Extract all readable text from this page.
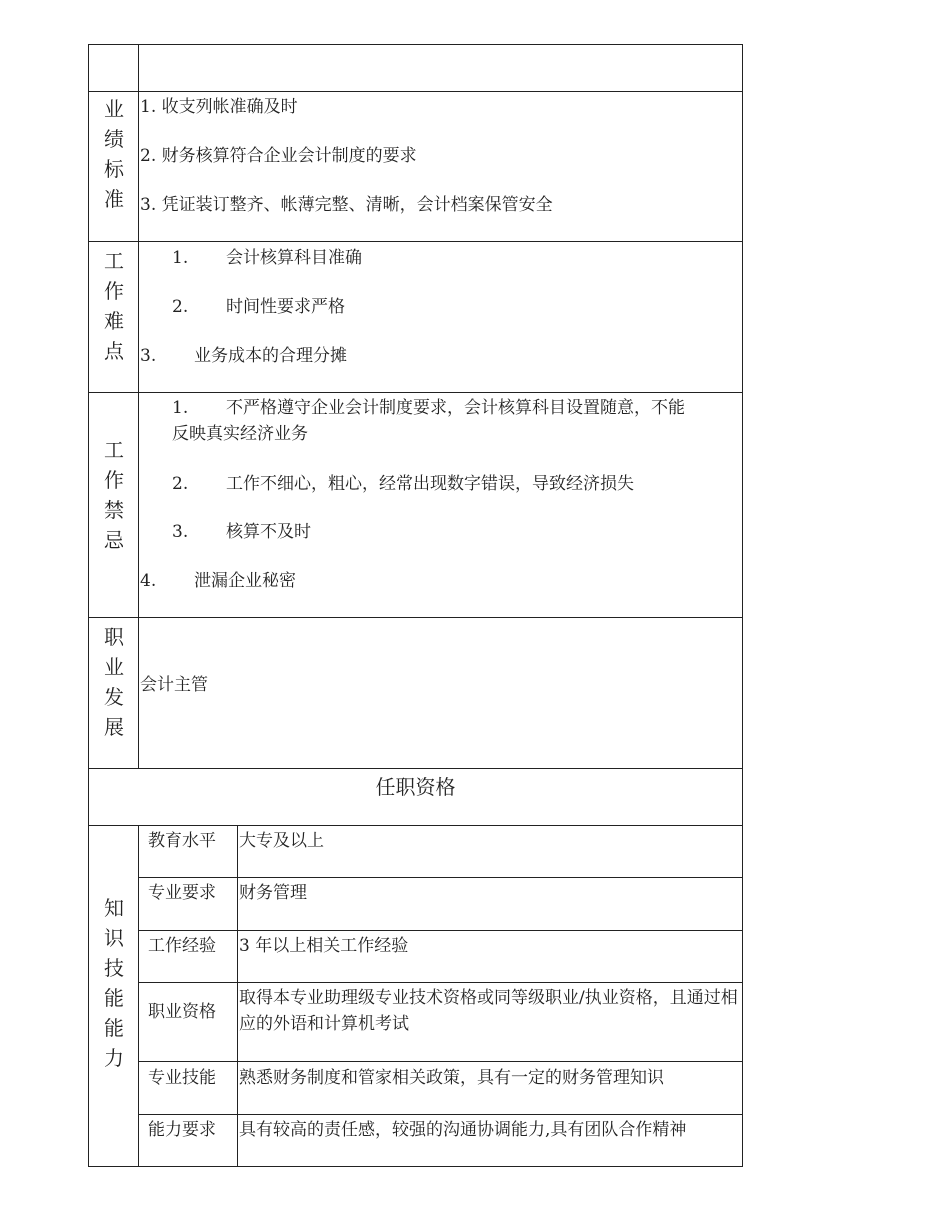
业
绩
标
准
1. 收支列帐准确及时
2. 财务核算符合企业会计制度的要求
3. 凭证装订整齐、帐薄完整、清晰，会计档案保管安全
工
作
难
点
1.       会计核算科目准确
2.       时间性要求严格
3.       业务成本的合理分摊
工
作
禁
忌
1.       不严格遵守企业会计制度要求，会计核算科目设置随意，不能
反映真实经济业务
2.       工作不细心，粗心，经常出现数字错误，导致经济损失
3.       核算不及时
4.       泄漏企业秘密
职
业
发
展
会计主管
任职资格
知
识
技
能
能
力
教育水平 大专及以上
专业要求 财务管理
工作经验 3 年以上相关工作经验
职业资格
取得本专业助理级专业技术资格或同等级职业/执业资格，且通过相应的外语和计算机考试
专业技能 熟悉财务制度和管家相关政策，具有一定的财务管理知识
能力要求 具有较高的责任感，较强的沟通协调能力,具有团队合作精神
